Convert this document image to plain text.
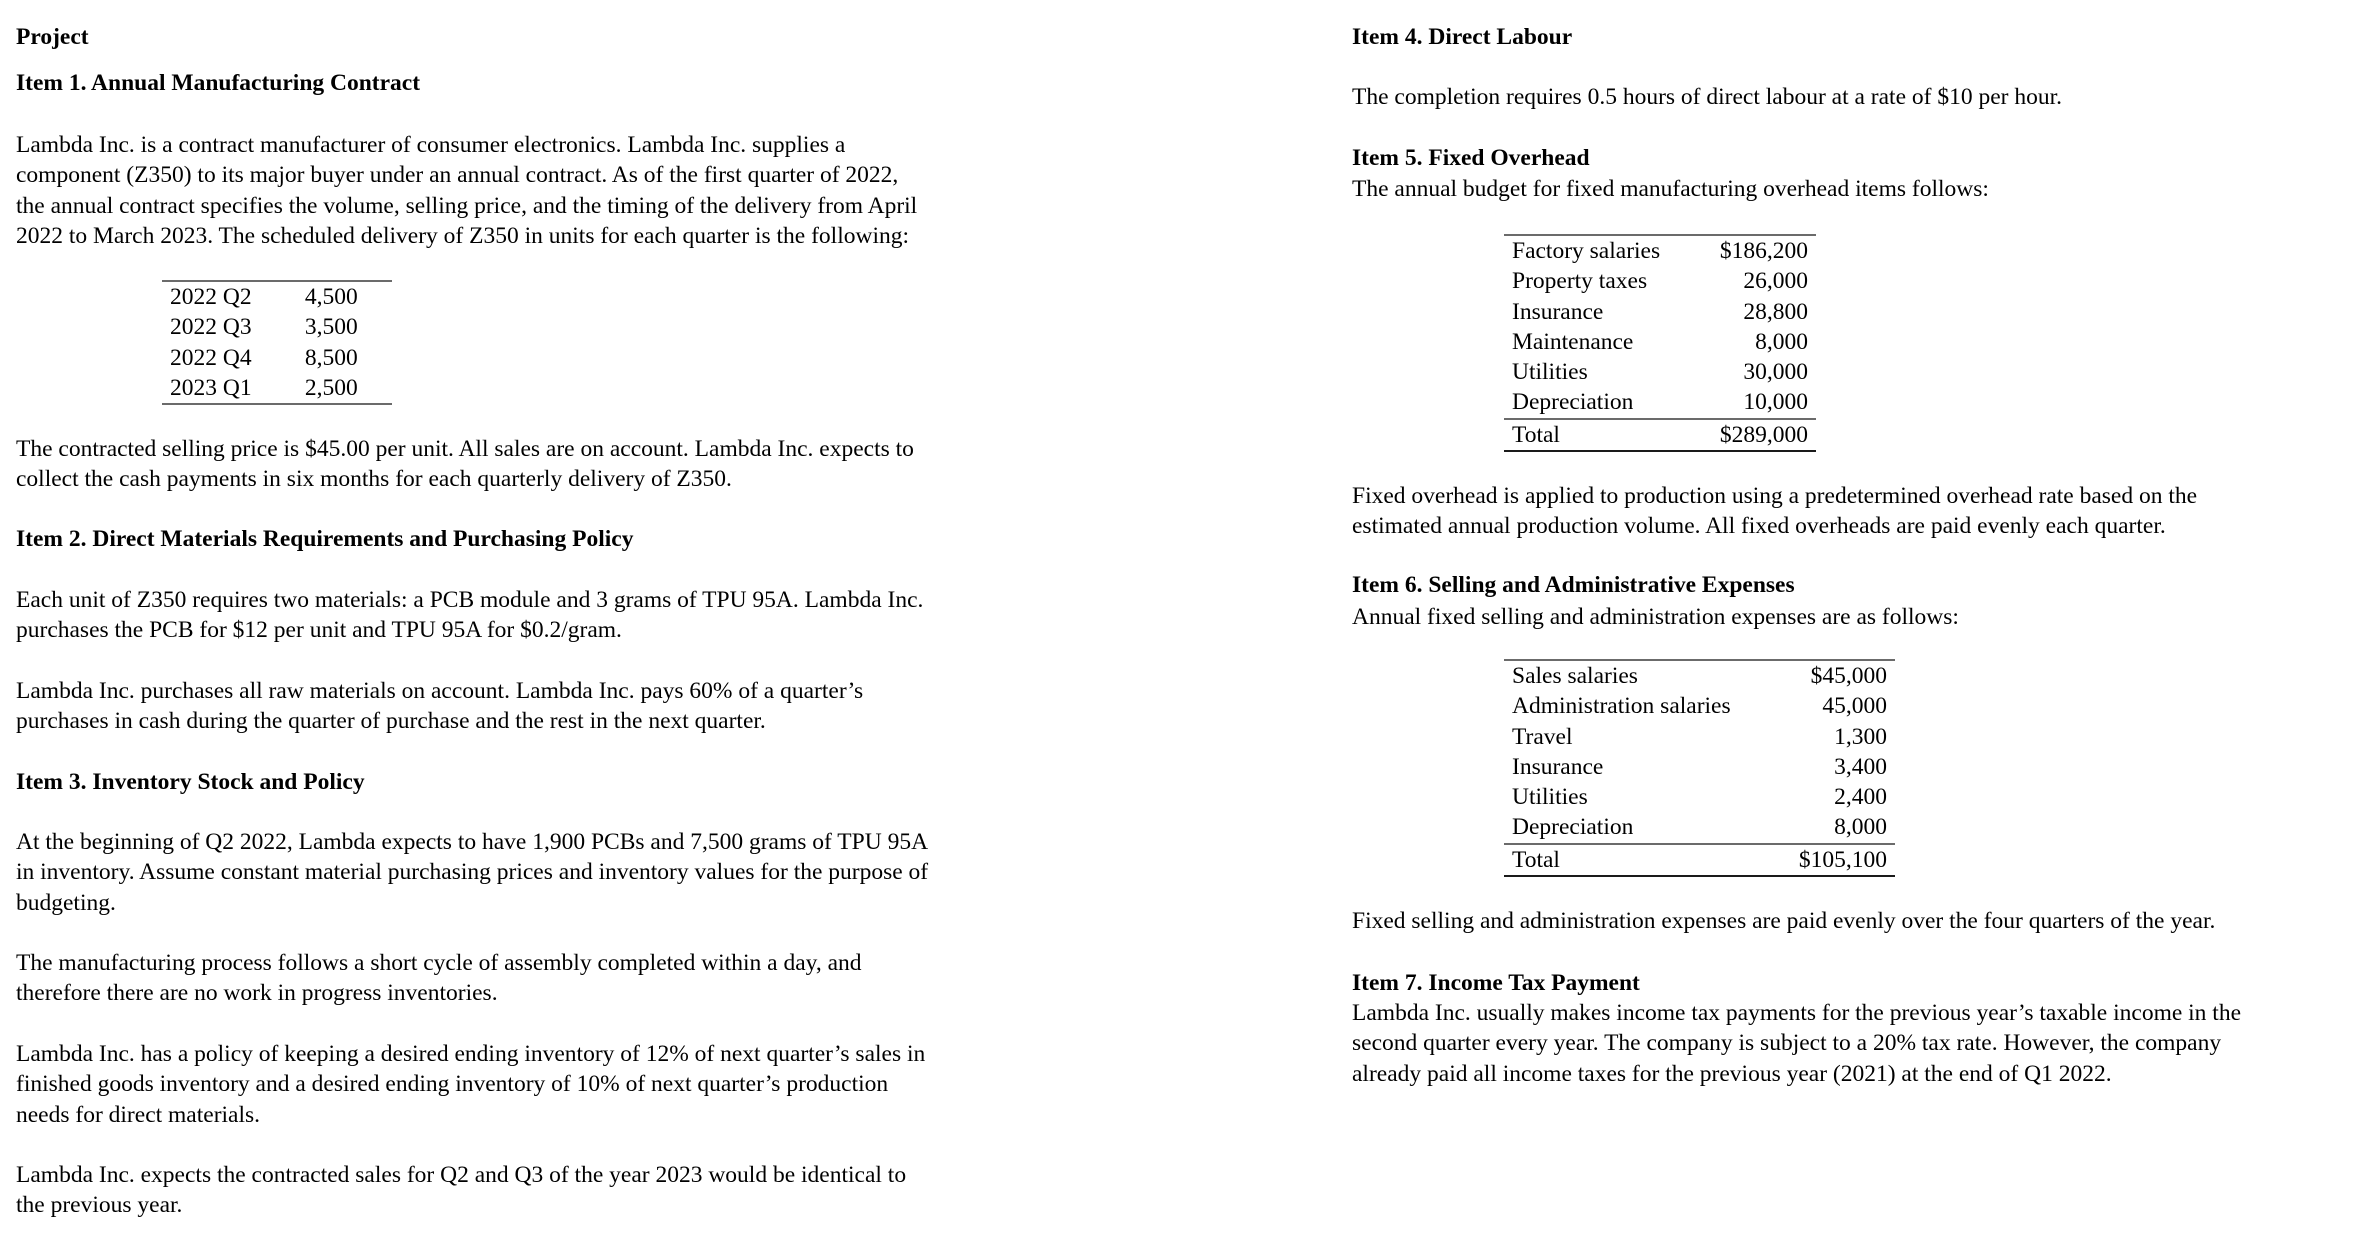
Project
Item 1. Annual Manufacturing Contract
Lambda Inc. is a contract manufacturer of consumer electronics. Lambda Inc. supplies a
component (Z350) to its major buyer under an annual contract. As of the first quarter of 2022,
the annual contract specifies the volume, selling price, and the timing of the delivery from April
2022 to March 2023. The scheduled delivery of Z350 in units for each quarter is the following:
2022 Q2	4,500
2022 Q3	3,500
2022 Q4	8,500
2023 Q1	2,500
The contracted selling price is $45.00 per unit. All sales are on account. Lambda Inc. expects to
collect the cash payments in six months for each quarterly delivery of Z350.
Item 2. Direct Materials Requirements and Purchasing Policy
Each unit of Z350 requires two materials: a PCB module and 3 grams of TPU 95A. Lambda Inc.
purchases the PCB for $12 per unit and TPU 95A for $0.2/gram.
Lambda Inc. purchases all raw materials on account. Lambda Inc. pays 60% of a quarter’s
purchases in cash during the quarter of purchase and the rest in the next quarter.
Item 3. Inventory Stock and Policy
At the beginning of Q2 2022, Lambda expects to have 1,900 PCBs and 7,500 grams of TPU 95A
in inventory. Assume constant material purchasing prices and inventory values for the purpose of
budgeting.
The manufacturing process follows a short cycle of assembly completed within a day, and
therefore there are no work in progress inventories.
Lambda Inc. has a policy of keeping a desired ending inventory of 12% of next quarter’s sales in
finished goods inventory and a desired ending inventory of 10% of next quarter’s production
needs for direct materials.
Lambda Inc. expects the contracted sales for Q2 and Q3 of the year 2023 would be identical to
the previous year.
Item 4. Direct Labour
The completion requires 0.5 hours of direct labour at a rate of $10 per hour.
Item 5. Fixed Overhead
The annual budget for fixed manufacturing overhead items follows:
Factory salaries	$186,200
Property taxes	26,000
Insurance	28,800
Maintenance	8,000
Utilities	30,000
Depreciation	10,000
Total	$289,000
Fixed overhead is applied to production using a predetermined overhead rate based on the
estimated annual production volume. All fixed overheads are paid evenly each quarter.
Item 6. Selling and Administrative Expenses
Annual fixed selling and administration expenses are as follows:
Sales salaries	$45,000
Administration salaries	45,000
Travel	1,300
Insurance	3,400
Utilities	2,400
Depreciation	8,000
Total	$105,100
Fixed selling and administration expenses are paid evenly over the four quarters of the year.
Item 7. Income Tax Payment
Lambda Inc. usually makes income tax payments for the previous year’s taxable income in the
second quarter every year. The company is subject to a 20% tax rate. However, the company
already paid all income taxes for the previous year (2021) at the end of Q1 2022.
